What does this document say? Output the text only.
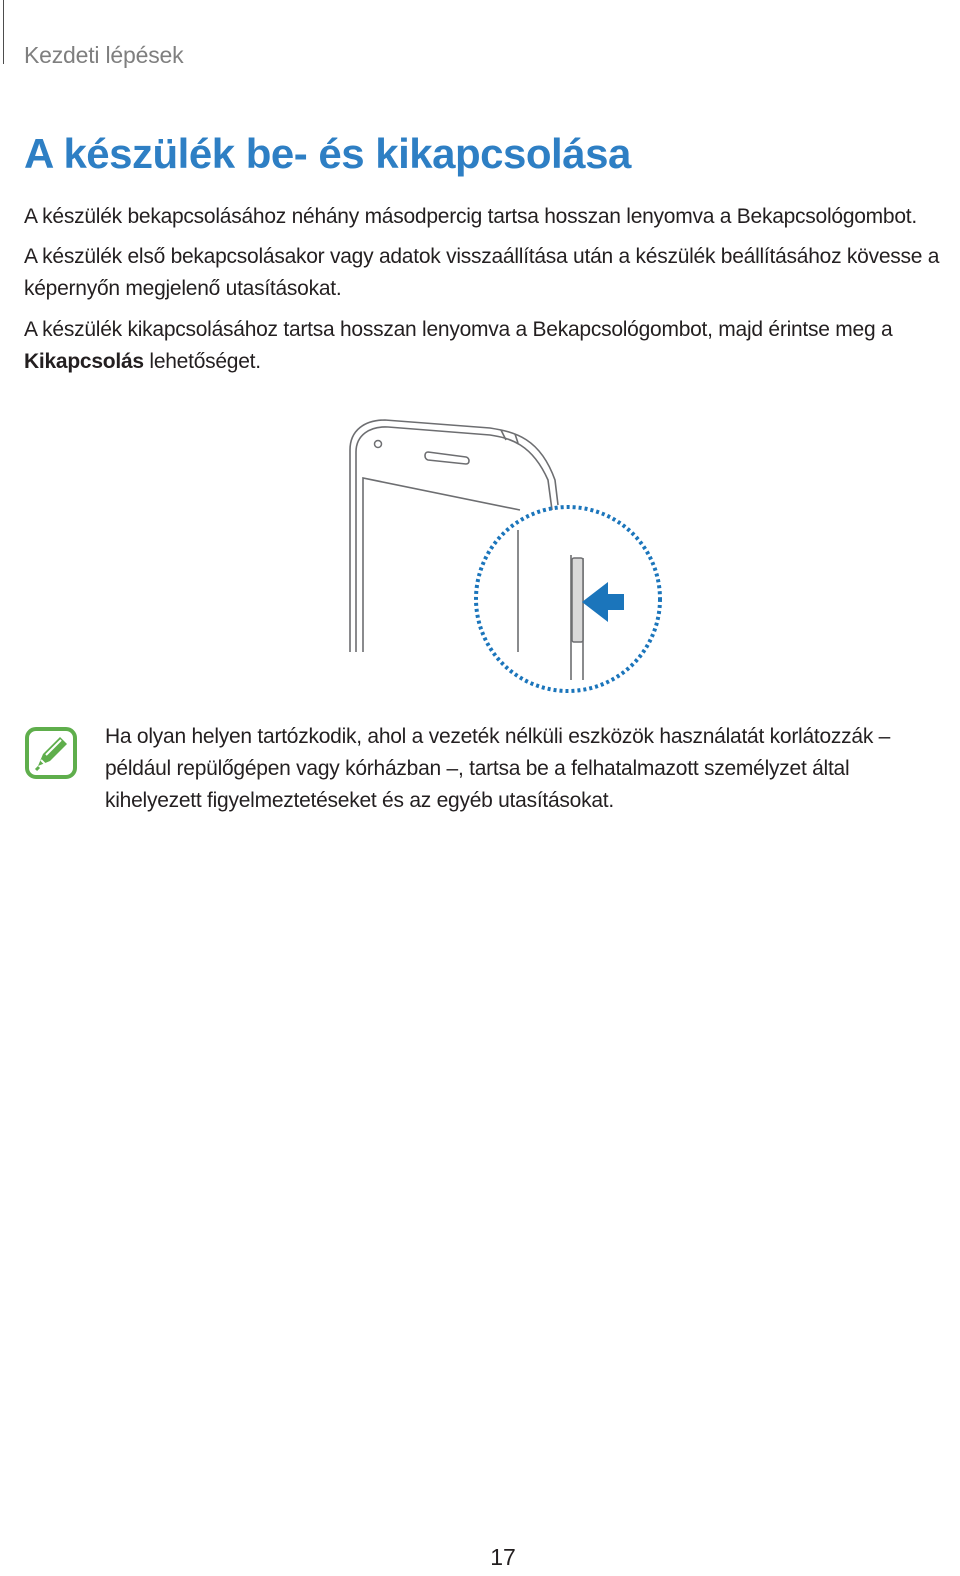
Kezdeti lépések
A készülék be- és kikapcsolása

A készülék bekapcsolásához néhány másodpercig tartsa hosszan lenyomva a Bekapcsológombot.

A készülék első bekapcsolásakor vagy adatok visszaállítása után a készülék beállításához kövesse a képernyőn megjelenő utasításokat.

A készülék kikapcsolásához tartsa hosszan lenyomva a Bekapcsológombot, majd érintse meg a Kikapcsolás lehetőséget.

Ha olyan helyen tartózkodik, ahol a vezeték nélküli eszközök használatát korlátozzák – például repülőgépen vagy kórházban –, tartsa be a felhatalmazott személyzet által kihelyezett figyelmeztetéseket és az egyéb utasításokat.

17
